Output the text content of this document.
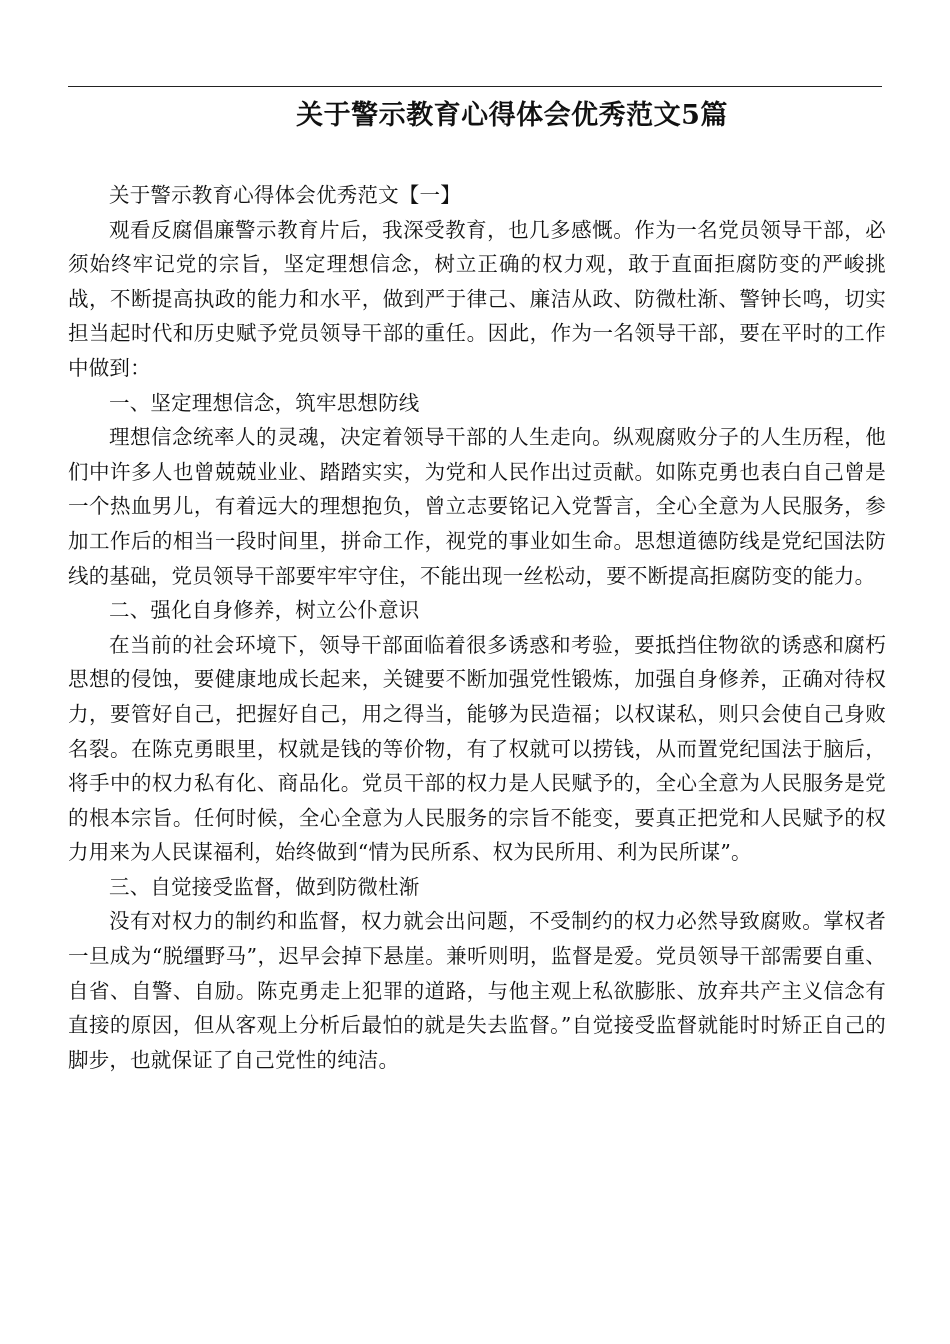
关于警示教育心得体会优秀范文5篇

关于警示教育心得体会优秀范文【一】

观看反腐倡廉警示教育片后，我深受教育，也几多感慨。作为一名党员领导干部，必须始终牢记党的宗旨，坚定理想信念，树立正确的权力观，敢于直面拒腐防变的严峻挑战，不断提高执政的能力和水平，做到严于律己、廉洁从政、防微杜渐、警钟长鸣，切实担当起时代和历史赋予党员领导干部的重任。因此，作为一名领导干部，要在平时的工作中做到：

一、坚定理想信念，筑牢思想防线

理想信念统率人的灵魂，决定着领导干部的人生走向。纵观腐败分子的人生历程，他们中许多人也曾兢兢业业、踏踏实实，为党和人民作出过贡献。如陈克勇也表白自己曾是一个热血男儿，有着远大的理想抱负，曾立志要铭记入党誓言，全心全意为人民服务，参加工作后的相当一段时间里，拼命工作，视党的事业如生命。思想道德防线是党纪国法防线的基础，党员领导干部要牢牢守住，不能出现一丝松动，要不断提高拒腐防变的能力。

二、强化自身修养，树立公仆意识

在当前的社会环境下，领导干部面临着很多诱惑和考验，要抵挡住物欲的诱惑和腐朽思想的侵蚀，要健康地成长起来，关键要不断加强党性锻炼，加强自身修养，正确对待权力，要管好自己，把握好自己，用之得当，能够为民造福；以权谋私，则只会使自己身败名裂。在陈克勇眼里，权就是钱的等价物，有了权就可以捞钱，从而置党纪国法于脑后，将手中的权力私有化、商品化。党员干部的权力是人民赋予的，全心全意为人民服务是党的根本宗旨。任何时候，全心全意为人民服务的宗旨不能变，要真正把党和人民赋予的权力用来为人民谋福利，始终做到“情为民所系、权为民所用、利为民所谋”。

三、自觉接受监督，做到防微杜渐

没有对权力的制约和监督，权力就会出问题，不受制约的权力必然导致腐败。掌权者一旦成为“脱缰野马”，迟早会掉下悬崖。兼听则明，监督是爱。党员领导干部需要自重、自省、自警、自励。陈克勇走上犯罪的道路，与他主观上私欲膨胀、放弃共产主义信念有直接的原因，但从客观上分析后最怕的就是失去监督。”自觉接受监督就能时时矫正自己的脚步，也就保证了自己党性的纯洁。
